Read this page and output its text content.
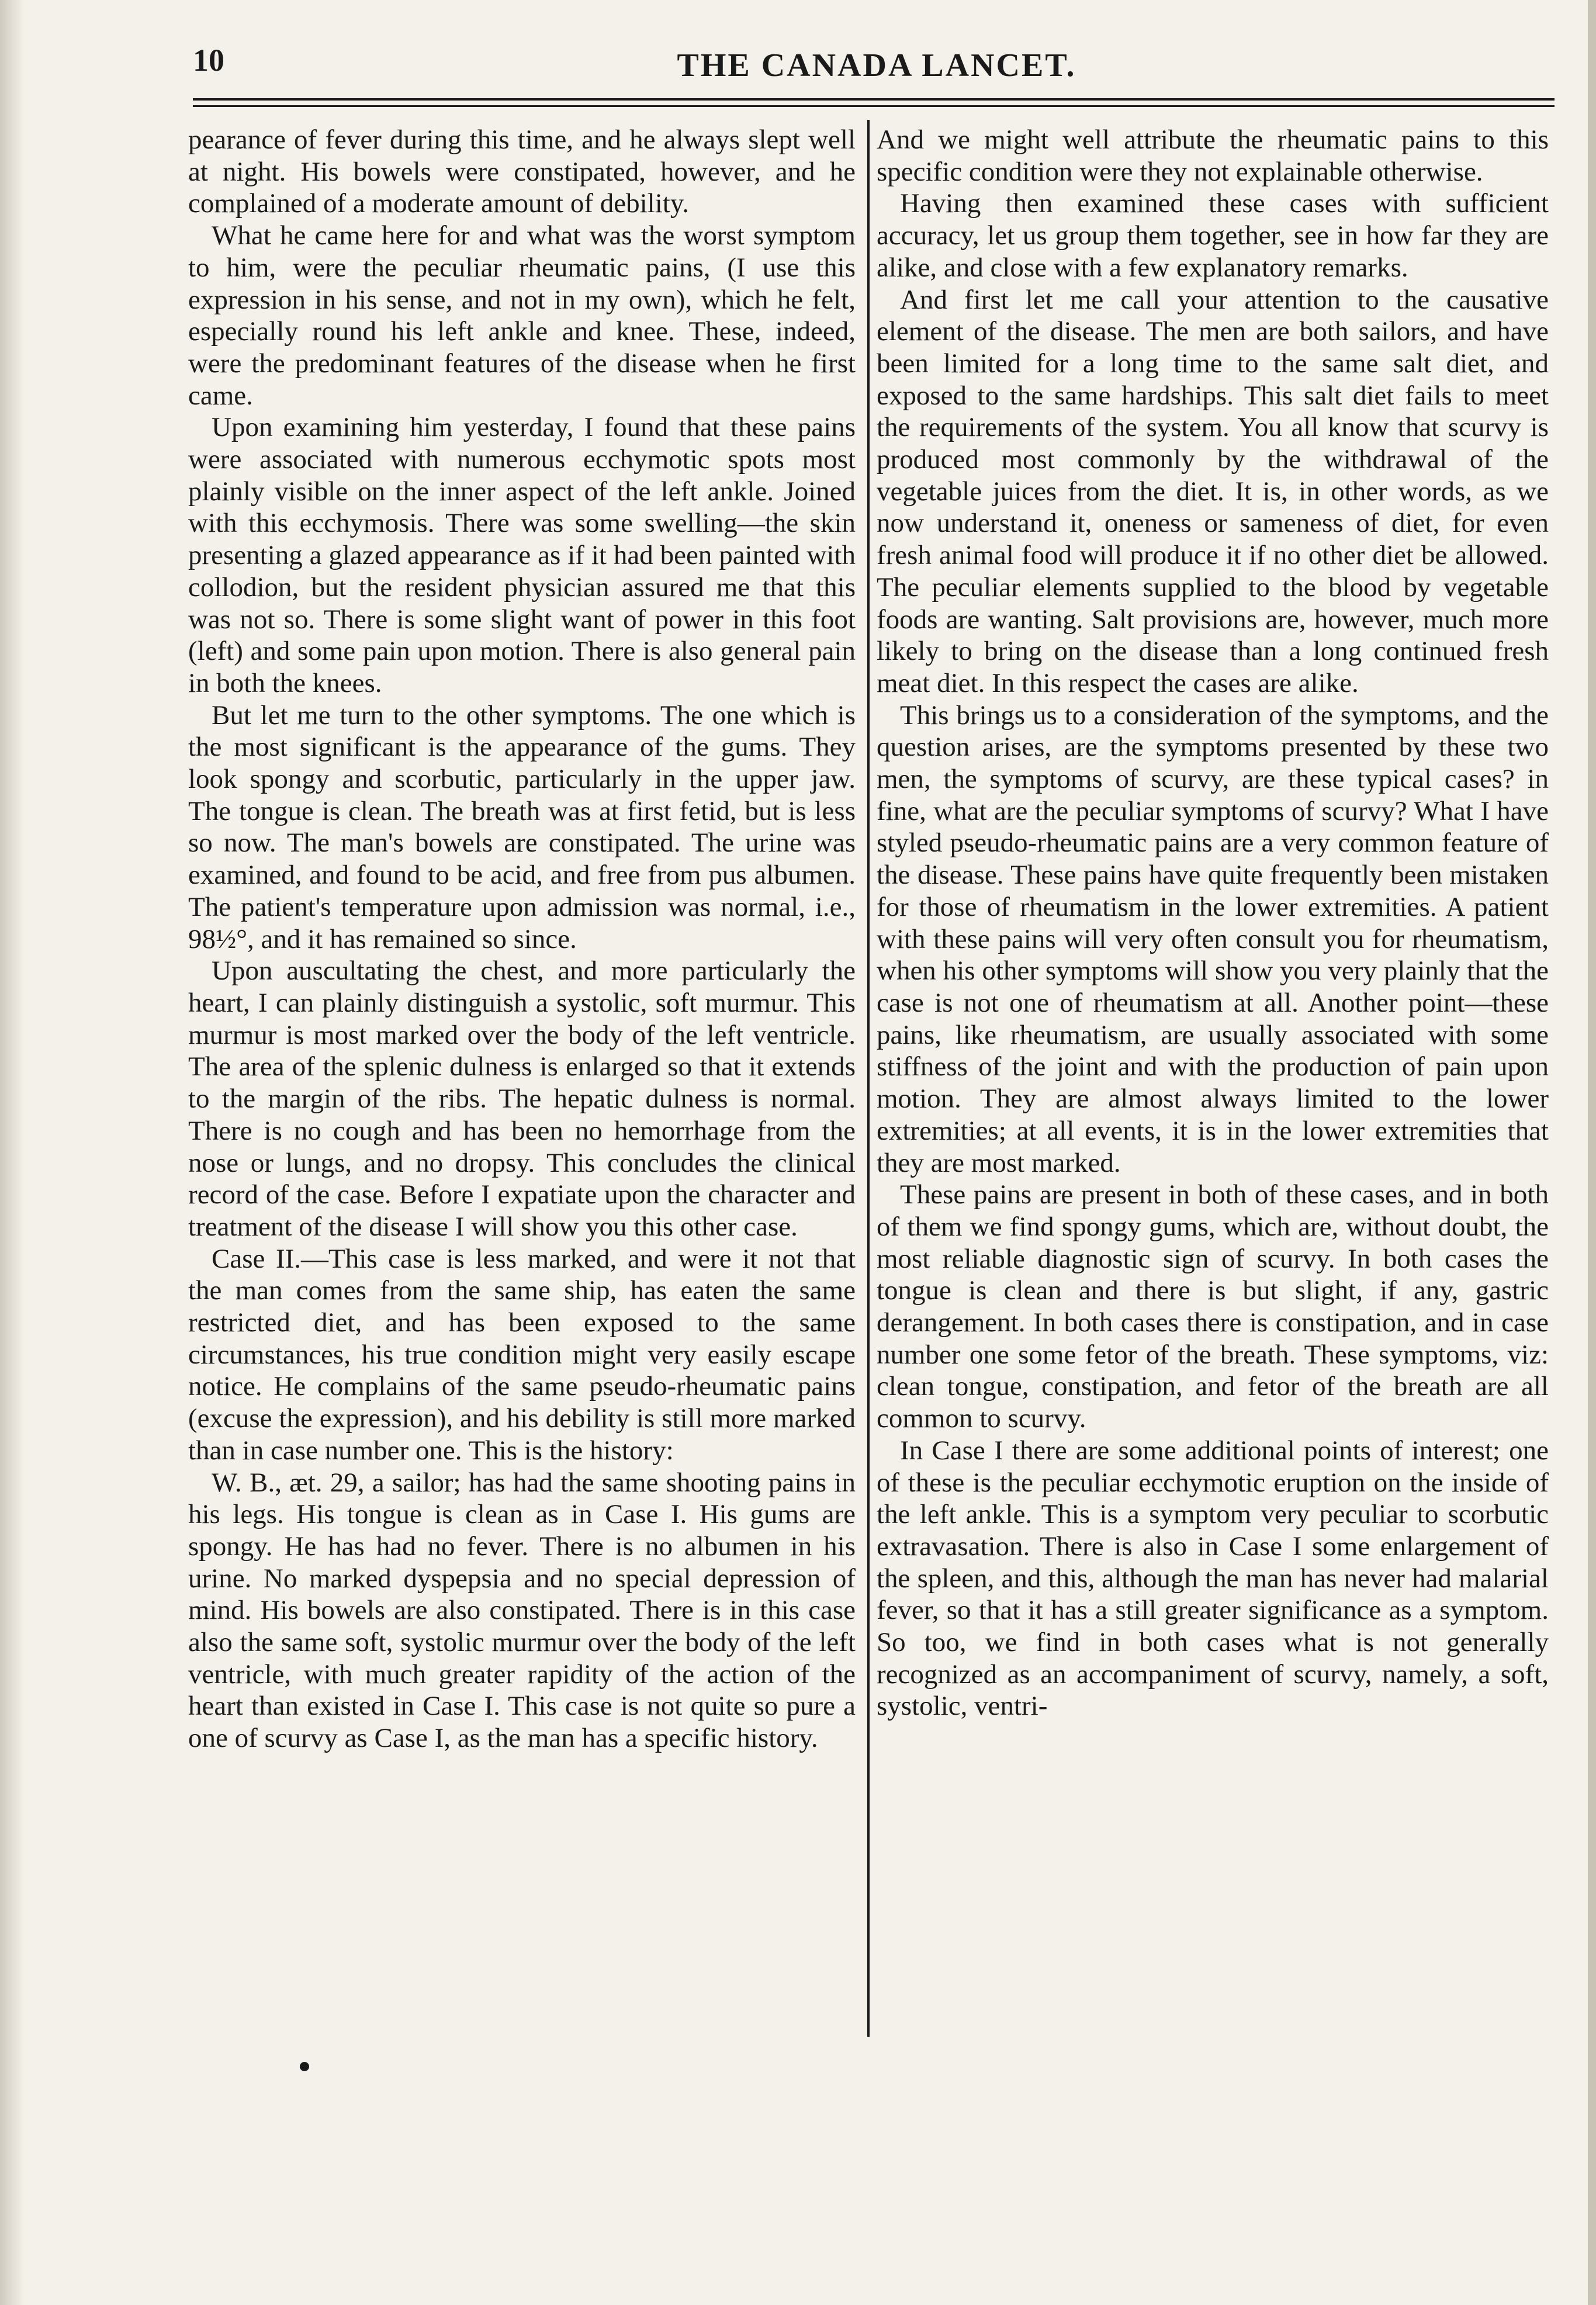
10	THE CANADA LANCET.

pearance of fever during this time, and he always slept well at night. His bowels were constipated, however, and he complained of a moderate amount of debility.

What he came here for and what was the worst symptom to him, were the peculiar rheumatic pains, (I use this expression in his sense, and not in my own), which he felt, especially round his left ankle and knee. These, indeed, were the predominant features of the disease when he first came.

Upon examining him yesterday, I found that these pains were associated with numerous ecchymotic spots most plainly visible on the inner aspect of the left ankle. Joined with this ecchymosis. There was some swelling—the skin presenting a glazed appearance as if it had been painted with collodion, but the resident physician assured me that this was not so. There is some slight want of power in this foot (left) and some pain upon motion. There is also general pain in both the knees.

But let me turn to the other symptoms. The one which is the most significant is the appearance of the gums. They look spongy and scorbutic, particularly in the upper jaw. The tongue is clean. The breath was at first fetid, but is less so now. The man's bowels are constipated. The urine was examined, and found to be acid, and free from pus albumen. The patient's temperature upon admission was normal, i.e., 98½°, and it has remained so since.

Upon auscultating the chest, and more particularly the heart, I can plainly distinguish a systolic, soft murmur. This murmur is most marked over the body of the left ventricle. The area of the splenic dulness is enlarged so that it extends to the margin of the ribs. The hepatic dulness is normal. There is no cough and has been no hemorrhage from the nose or lungs, and no dropsy. This concludes the clinical record of the case. Before I expatiate upon the character and treatment of the disease I will show you this other case.

Case II.—This case is less marked, and were it not that the man comes from the same ship, has eaten the same restricted diet, and has been exposed to the same circumstances, his true condition might very easily escape notice. He complains of the same pseudo-rheumatic pains (excuse the expression), and his debility is still more marked than in case number one. This is the history:

W. B., æt. 29, a sailor; has had the same shooting pains in his legs. His tongue is clean as in Case I. His gums are spongy. He has had no fever. There is no albumen in his urine. No marked dyspepsia and no special depression of mind. His bowels are also constipated. There is in this case also the same soft, systolic murmur over the body of the left ventricle, with much greater rapidity of the action of the heart than existed in Case I. This case is not quite so pure a one of scurvy as Case I, as the man has a specific history.

And we might well attribute the rheumatic pains to this specific condition were they not explainable otherwise.

Having then examined these cases with sufficient accuracy, let us group them together, see in how far they are alike, and close with a few explanatory remarks.

And first let me call your attention to the causative element of the disease. The men are both sailors, and have been limited for a long time to the same salt diet, and exposed to the same hardships. This salt diet fails to meet the requirements of the system. You all know that scurvy is produced most commonly by the withdrawal of the vegetable juices from the diet. It is, in other words, as we now understand it, oneness or sameness of diet, for even fresh animal food will produce it if no other diet be allowed. The peculiar elements supplied to the blood by vegetable foods are wanting. Salt provisions are, however, much more likely to bring on the disease than a long continued fresh meat diet. In this respect the cases are alike.

This brings us to a consideration of the symptoms, and the question arises, are the symptoms presented by these two men, the symptoms of scurvy, are these typical cases? in fine, what are the peculiar symptoms of scurvy? What I have styled pseudo-rheumatic pains are a very common feature of the disease. These pains have quite frequently been mistaken for those of rheumatism in the lower extremities. A patient with these pains will very often consult you for rheumatism, when his other symptoms will show you very plainly that the case is not one of rheumatism at all. Another point—these pains, like rheumatism, are usually associated with some stiffness of the joint and with the production of pain upon motion. They are almost always limited to the lower extremities; at all events, it is in the lower extremities that they are most marked.

These pains are present in both of these cases, and in both of them we find spongy gums, which are, without doubt, the most reliable diagnostic sign of scurvy. In both cases the tongue is clean and there is but slight, if any, gastric derangement. In both cases there is constipation, and in case number one some fetor of the breath. These symptoms, viz: clean tongue, constipation, and fetor of the breath are all common to scurvy.

In Case I there are some additional points of interest; one of these is the peculiar ecchymotic eruption on the inside of the left ankle. This is a symptom very peculiar to scorbutic extravasation. There is also in Case I some enlargement of the spleen, and this, although the man has never had malarial fever, so that it has a still greater significance as a symptom. So too, we find in both cases what is not generally recognized as an accompaniment of scurvy, namely, a soft, systolic, ventri-
